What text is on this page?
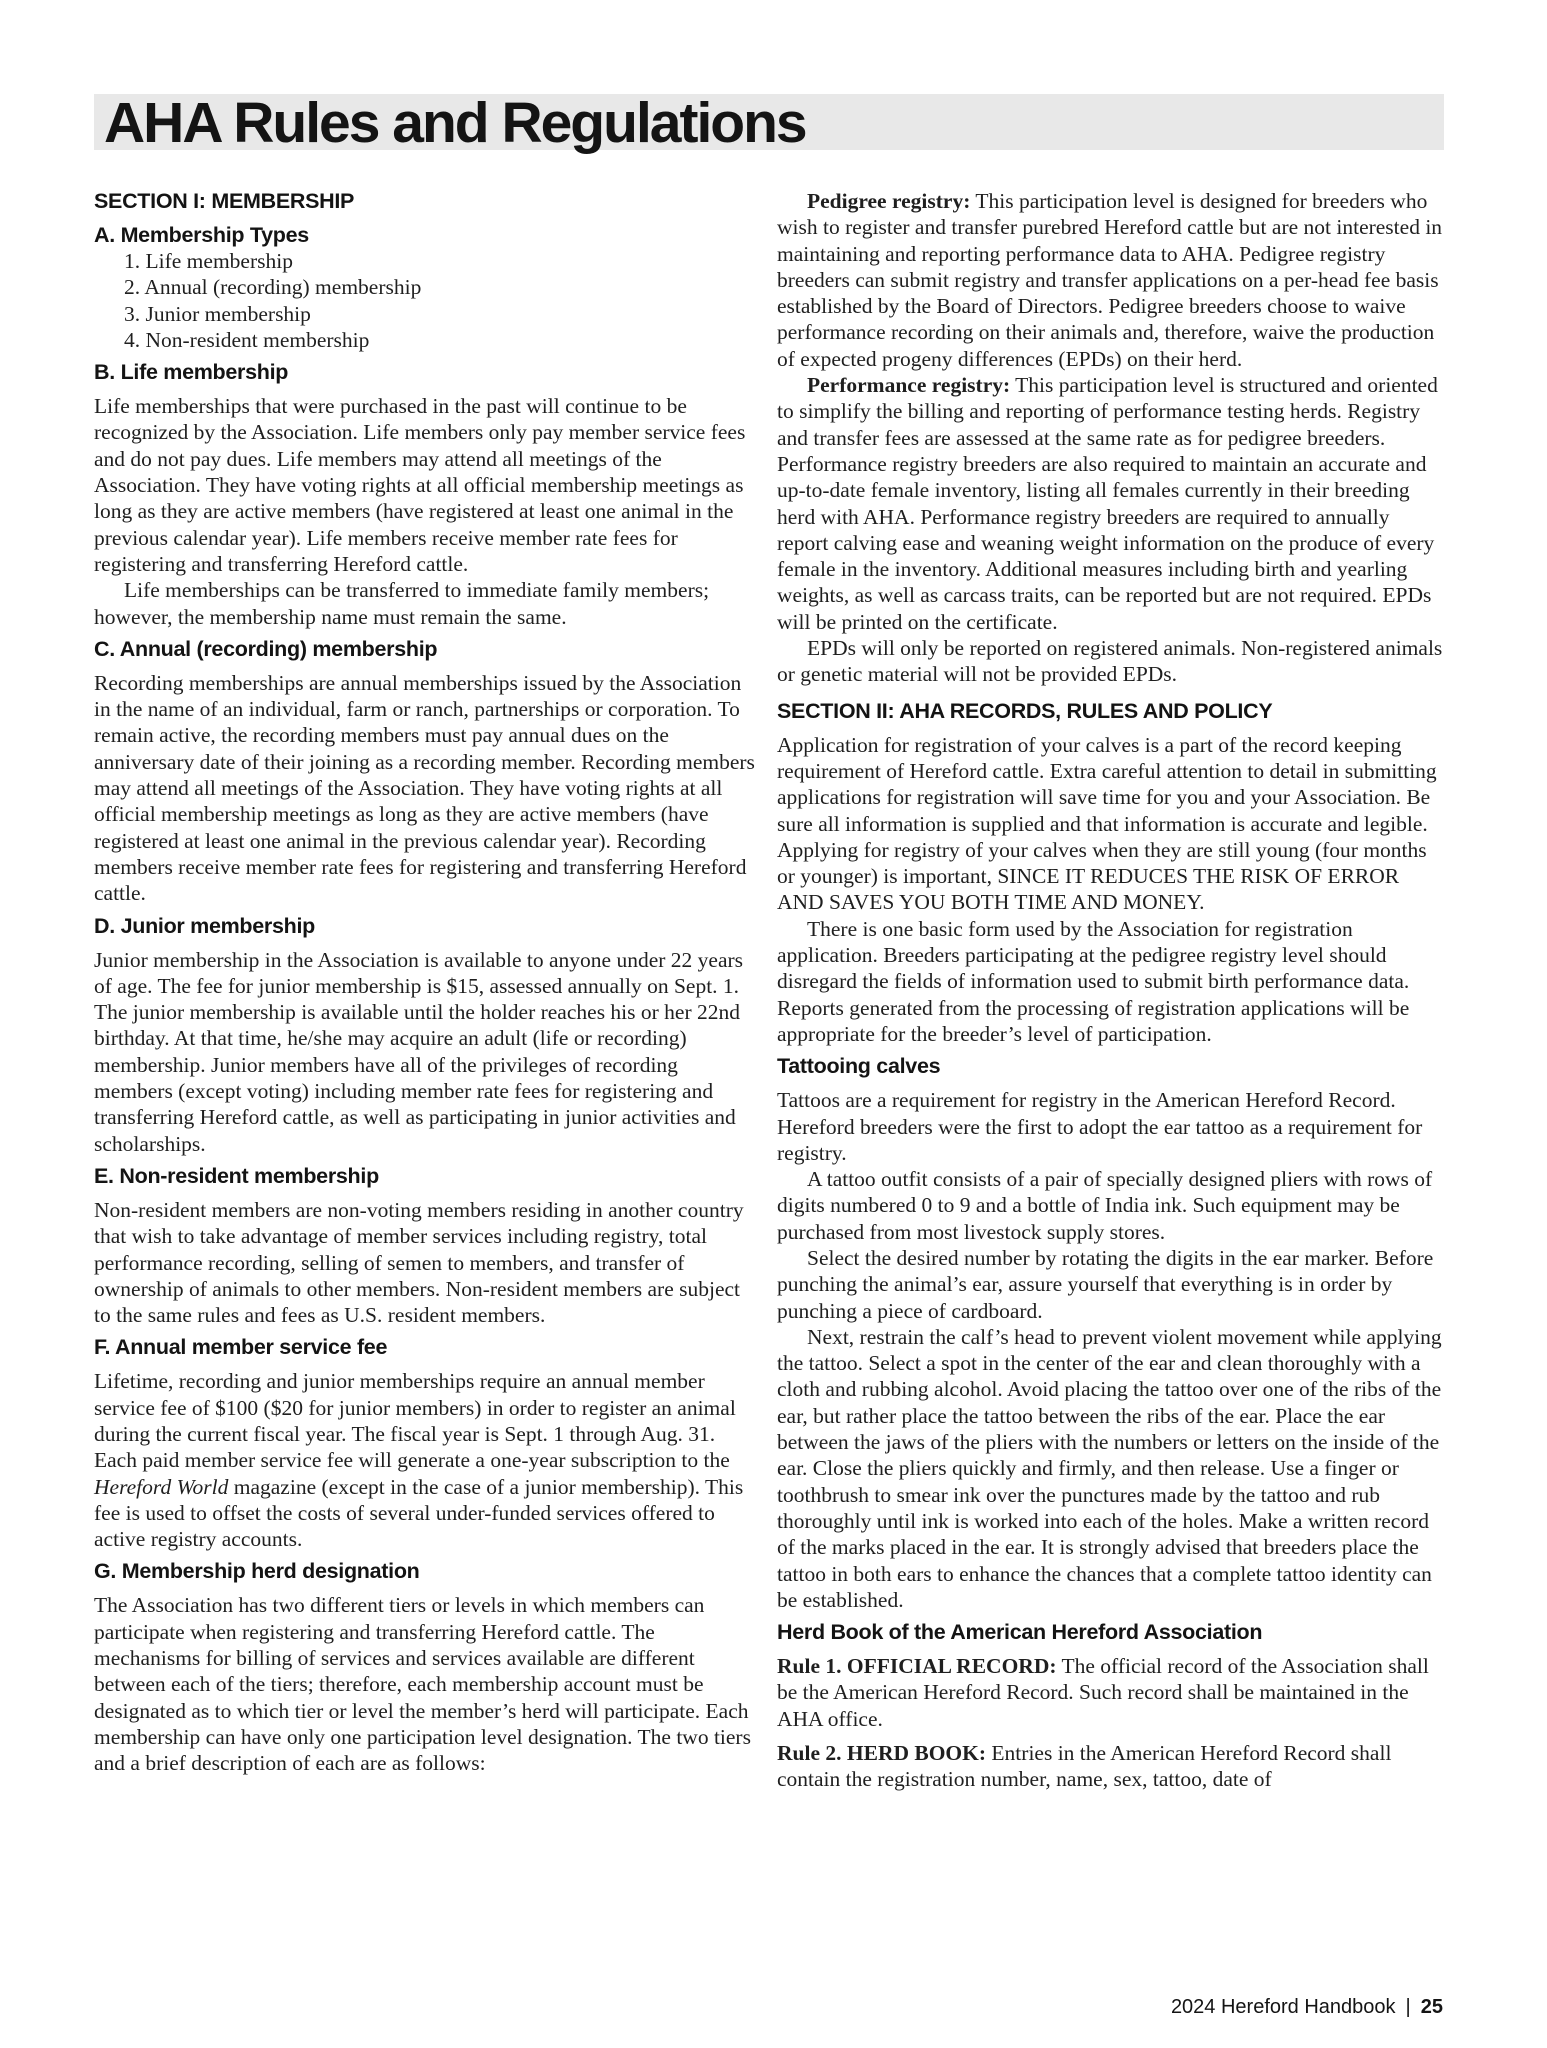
AHA Rules and Regulations
SECTION I: MEMBERSHIP
A. Membership Types
1. Life membership
2. Annual (recording) membership
3. Junior membership
4. Non-resident membership
B. Life membership

Life memberships that were purchased in the past will continue to be recognized by the Association. Life members only pay member service fees and do not pay dues. Life members may attend all meetings of the Association. They have voting rights at all official membership meetings as long as they are active members (have registered at least one animal in the previous calendar year). Life members receive member rate fees for registering and transferring Hereford cattle.

Life memberships can be transferred to immediate family members; however, the membership name must remain the same.

C. Annual (recording) membership

Recording memberships are annual memberships issued by the Association in the name of an individual, farm or ranch, partnerships or corporation. To remain active, the recording members must pay annual dues on the anniversary date of their joining as a recording member. Recording members may attend all meetings of the Association. They have voting rights at all official membership meetings as long as they are active members (have registered at least one animal in the previous calendar year). Recording members receive member rate fees for registering and transferring Hereford cattle.

D. Junior membership

Junior membership in the Association is available to anyone under 22 years of age. The fee for junior membership is $15, assessed annually on Sept. 1. The junior membership is available until the holder reaches his or her 22nd birthday. At that time, he/she may acquire an adult (life or recording) membership. Junior members have all of the privileges of recording members (except voting) including member rate fees for registering and transferring Hereford cattle, as well as participating in junior activities and scholarships.

E. Non-resident membership

Non-resident members are non-voting members residing in another country that wish to take advantage of member services including registry, total performance recording, selling of semen to members, and transfer of ownership of animals to other members. Non-resident members are subject to the same rules and fees as U.S. resident members.

F. Annual member service fee

Lifetime, recording and junior memberships require an annual member service fee of $100 ($20 for junior members) in order to register an animal during the current fiscal year. The fiscal year is Sept. 1 through Aug. 31. Each paid member service fee will generate a one-year subscription to the Hereford World magazine (except in the case of a junior membership). This fee is used to offset the costs of several under-funded services offered to active registry accounts.

G. Membership herd designation

The Association has two different tiers or levels in which members can participate when registering and transferring Hereford cattle. The mechanisms for billing of services and services available are different between each of the tiers; therefore, each membership account must be designated as to which tier or level the member’s herd will participate. Each membership can have only one participation level designation. The two tiers and a brief description of each are as follows:

Pedigree registry: This participation level is designed for breeders who wish to register and transfer purebred Hereford cattle but are not interested in maintaining and reporting performance data to AHA. Pedigree registry breeders can submit registry and transfer applications on a per-head fee basis established by the Board of Directors. Pedigree breeders choose to waive performance recording on their animals and, therefore, waive the production of expected progeny differences (EPDs) on their herd.

Performance registry: This participation level is structured and oriented to simplify the billing and reporting of performance testing herds. Registry and transfer fees are assessed at the same rate as for pedigree breeders. Performance registry breeders are also required to maintain an accurate and up-to-date female inventory, listing all females currently in their breeding herd with AHA. Performance registry breeders are required to annually report calving ease and weaning weight information on the produce of every female in the inventory. Additional measures including birth and yearling weights, as well as carcass traits, can be reported but are not required. EPDs will be printed on the certificate.

EPDs will only be reported on registered animals. Non-registered animals or genetic material will not be provided EPDs.

SECTION II: AHA RECORDS, RULES AND POLICY

Application for registration of your calves is a part of the record keeping requirement of Hereford cattle. Extra careful attention to detail in submitting applications for registration will save time for you and your Association. Be sure all information is supplied and that information is accurate and legible. Applying for registry of your calves when they are still young (four months or younger) is important, SINCE IT REDUCES THE RISK OF ERROR AND SAVES YOU BOTH TIME AND MONEY.

There is one basic form used by the Association for registration application. Breeders participating at the pedigree registry level should disregard the fields of information used to submit birth performance data. Reports generated from the processing of registration applications will be appropriate for the breeder’s level of participation.

Tattooing calves

Tattoos are a requirement for registry in the American Hereford Record. Hereford breeders were the first to adopt the ear tattoo as a requirement for registry.

A tattoo outfit consists of a pair of specially designed pliers with rows of digits numbered 0 to 9 and a bottle of India ink. Such equipment may be purchased from most livestock supply stores.

Select the desired number by rotating the digits in the ear marker. Before punching the animal’s ear, assure yourself that everything is in order by punching a piece of cardboard.

Next, restrain the calf’s head to prevent violent movement while applying the tattoo. Select a spot in the center of the ear and clean thoroughly with a cloth and rubbing alcohol. Avoid placing the tattoo over one of the ribs of the ear, but rather place the tattoo between the ribs of the ear. Place the ear between the jaws of the pliers with the numbers or letters on the inside of the ear. Close the pliers quickly and firmly, and then release. Use a finger or toothbrush to smear ink over the punctures made by the tattoo and rub thoroughly until ink is worked into each of the holes. Make a written record of the marks placed in the ear. It is strongly advised that breeders place the tattoo in both ears to enhance the chances that a complete tattoo identity can be established.

Herd Book of the American Hereford Association

Rule 1. OFFICIAL RECORD: The official record of the Association shall be the American Hereford Record. Such record shall be maintained in the AHA office.

Rule 2. HERD BOOK: Entries in the American Hereford Record shall contain the registration number, name, sex, tattoo, date of

2024 Hereford Handbook | 25
